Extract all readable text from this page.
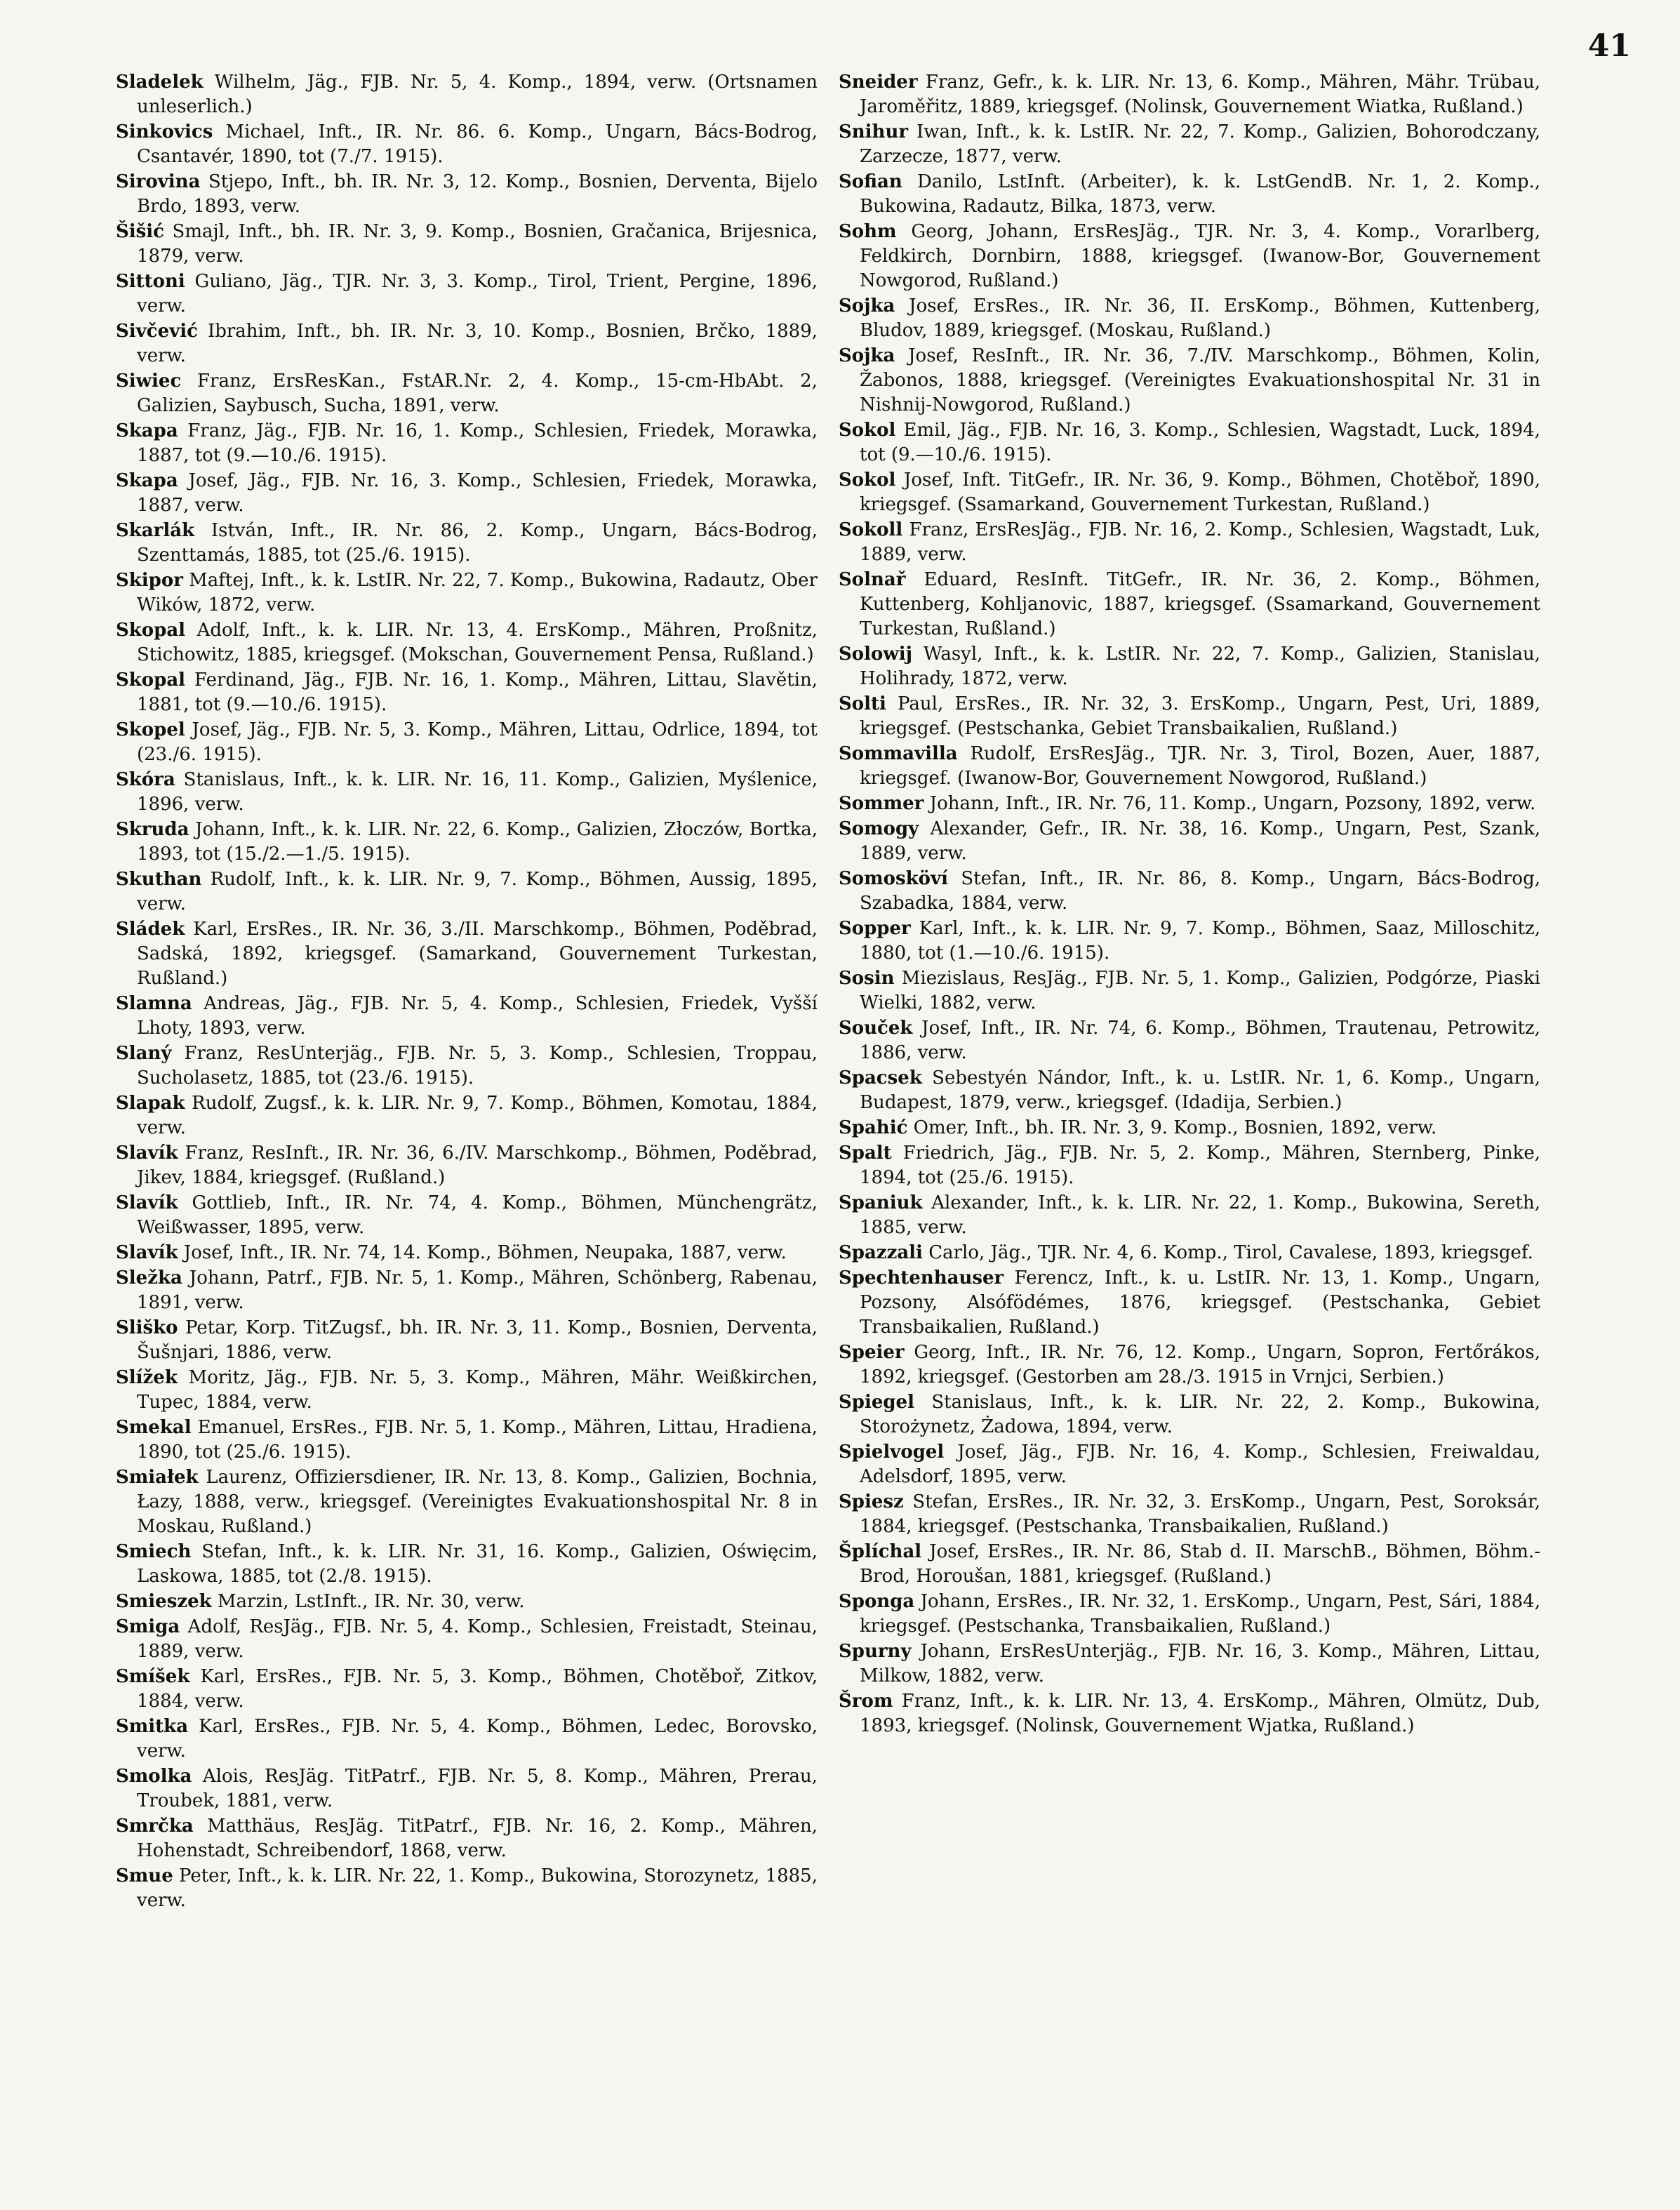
41

Sladelek Wilhelm, Jäg., FJB. Nr. 5, 4. Komp., 1894, verw. (Ortsnamen unleserlich.)

Sinkovics Michael, Inft., IR. Nr. 86. 6. Komp., Ungarn, Bács-Bodrog, Csantavér, 1890, tot (7./7. 1915).

Sirovina Stjepo, Inft., bh. IR. Nr. 3, 12. Komp., Bosnien, Derventa, Bijelo Brdo, 1893, verw.

Šišić Smajl, Inft., bh. IR. Nr. 3, 9. Komp., Bosnien, Gračanica, Brijesnica, 1879, verw.

Sittoni Guliano, Jäg., TJR. Nr. 3, 3. Komp., Tirol, Trient, Pergine, 1896, verw.

Sivčević Ibrahim, Inft., bh. IR. Nr. 3, 10. Komp., Bosnien, Brčko, 1889, verw.

Siwiec Franz, ErsResKan., FstAR.Nr. 2, 4. Komp., 15-cm-HbAbt. 2, Galizien, Saybusch, Sucha, 1891, verw.

Skapa Franz, Jäg., FJB. Nr. 16, 1. Komp., Schlesien, Friedek, Morawka, 1887, tot (9.—10./6. 1915).

Skapa Josef, Jäg., FJB. Nr. 16, 3. Komp., Schlesien, Friedek, Morawka, 1887, verw.

Skarlák István, Inft., IR. Nr. 86, 2. Komp., Ungarn, Bács-Bodrog, Szenttamás, 1885, tot (25./6. 1915).

Skipor Maftej, Inft., k. k. LstIR. Nr. 22, 7. Komp., Bukowina, Radautz, Ober Wików, 1872, verw.

Skopal Adolf, Inft., k. k. LIR. Nr. 13, 4. ErsKomp., Mähren, Proßnitz, Stichowitz, 1885, kriegsgef. (Mokschan, Gouvernement Pensa, Rußland.)

Skopal Ferdinand, Jäg., FJB. Nr. 16, 1. Komp., Mähren, Littau, Slavětin, 1881, tot (9.—10./6. 1915).

Skopel Josef, Jäg., FJB. Nr. 5, 3. Komp., Mähren, Littau, Odrlice, 1894, tot (23./6. 1915).

Skóra Stanislaus, Inft., k. k. LIR. Nr. 16, 11. Komp., Galizien, Myślenice, 1896, verw.

Skruda Johann, Inft., k. k. LIR. Nr. 22, 6. Komp., Galizien, Złoczów, Bortka, 1893, tot (15./2.—1./5. 1915).

Skuthan Rudolf, Inft., k. k. LIR. Nr. 9, 7. Komp., Böhmen, Aussig, 1895, verw.

Sládek Karl, ErsRes., IR. Nr. 36, 3./II. Marschkomp., Böhmen, Poděbrad, Sadská, 1892, kriegsgef. (Samarkand, Gouvernement Turkestan, Rußland.)

Slamna Andreas, Jäg., FJB. Nr. 5, 4. Komp., Schlesien, Friedek, Vyšší Lhoty, 1893, verw.

Slaný Franz, ResUnterjäg., FJB. Nr. 5, 3. Komp., Schlesien, Troppau, Sucholasetz, 1885, tot (23./6. 1915).

Slapak Rudolf, Zugsf., k. k. LIR. Nr. 9, 7. Komp., Böhmen, Komotau, 1884, verw.

Slavík Franz, ResInft., IR. Nr. 36, 6./IV. Marschkomp., Böhmen, Poděbrad, Jikev, 1884, kriegsgef. (Rußland.)

Slavík Gottlieb, Inft., IR. Nr. 74, 4. Komp., Böhmen, Münchengrätz, Weißwasser, 1895, verw.

Slavík Josef, Inft., IR. Nr. 74, 14. Komp., Böhmen, Neupaka, 1887, verw.

Sležka Johann, Patrf., FJB. Nr. 5, 1. Komp., Mähren, Schönberg, Rabenau, 1891, verw.

Sliško Petar, Korp. TitZugsf., bh. IR. Nr. 3, 11. Komp., Bosnien, Derventa, Šušnjari, 1886, verw.

Slížek Moritz, Jäg., FJB. Nr. 5, 3. Komp., Mähren, Mähr. Weißkirchen, Tupec, 1884, verw.

Smekal Emanuel, ErsRes., FJB. Nr. 5, 1. Komp., Mähren, Littau, Hradiena, 1890, tot (25./6. 1915).

Smiałek Laurenz, Offiziersdiener, IR. Nr. 13, 8. Komp., Galizien, Bochnia, Łazy, 1888, verw., kriegsgef. (Vereinigtes Evakuationshospital Nr. 8 in Moskau, Rußland.)

Smiech Stefan, Inft., k. k. LIR. Nr. 31, 16. Komp., Galizien, Oświęcim, Laskowa, 1885, tot (2./8. 1915).

Smieszek Marzin, LstInft., IR. Nr. 30, verw.

Smiga Adolf, ResJäg., FJB. Nr. 5, 4. Komp., Schlesien, Freistadt, Steinau, 1889, verw.

Smíšek Karl, ErsRes., FJB. Nr. 5, 3. Komp., Böhmen, Chotěboř, Zitkov, 1884, verw.

Smitka Karl, ErsRes., FJB. Nr. 5, 4. Komp., Böhmen, Ledec, Borovsko, verw.

Smolka Alois, ResJäg. TitPatrf., FJB. Nr. 5, 8. Komp., Mähren, Prerau, Troubek, 1881, verw.

Smrčka Matthäus, ResJäg. TitPatrf., FJB. Nr. 16, 2. Komp., Mähren, Hohenstadt, Schreibendorf, 1868, verw.

Smue Peter, Inft., k. k. LIR. Nr. 22, 1. Komp., Bukowina, Storozynetz, 1885, verw.

Sneider Franz, Gefr., k. k. LIR. Nr. 13, 6. Komp., Mähren, Mähr. Trübau, Jaroměřitz, 1889, kriegsgef. (Nolinsk, Gouvernement Wiatka, Rußland.)

Snihur Iwan, Inft., k. k. LstIR. Nr. 22, 7. Komp., Galizien, Bohorodczany, Zarzecze, 1877, verw.

Sofian Danilo, LstInft. (Arbeiter), k. k. LstGendB. Nr. 1, 2. Komp., Bukowina, Radautz, Bilka, 1873, verw.

Sohm Georg, Johann, ErsResJäg., TJR. Nr. 3, 4. Komp., Vorarlberg, Feldkirch, Dornbirn, 1888, kriegsgef. (Iwanow-Bor, Gouvernement Nowgorod, Rußland.)

Sojka Josef, ErsRes., IR. Nr. 36, II. ErsKomp., Böhmen, Kuttenberg, Bludov, 1889, kriegsgef. (Moskau, Rußland.)

Sojka Josef, ResInft., IR. Nr. 36, 7./IV. Marschkomp., Böhmen, Kolin, Žabonos, 1888, kriegsgef. (Vereinigtes Evakuationshospital Nr. 31 in Nishnij-Nowgorod, Rußland.)

Sokol Emil, Jäg., FJB. Nr. 16, 3. Komp., Schlesien, Wagstadt, Luck, 1894, tot (9.—10./6. 1915).

Sokol Josef, Inft. TitGefr., IR. Nr. 36, 9. Komp., Böhmen, Chotěboř, 1890, kriegsgef. (Ssamarkand, Gouvernement Turkestan, Rußland.)

Sokoll Franz, ErsResJäg., FJB. Nr. 16, 2. Komp., Schlesien, Wagstadt, Luk, 1889, verw.

Solnař Eduard, ResInft. TitGefr., IR. Nr. 36, 2. Komp., Böhmen, Kuttenberg, Kohljanovic, 1887, kriegsgef. (Ssamarkand, Gouvernement Turkestan, Rußland.)

Solowij Wasyl, Inft., k. k. LstIR. Nr. 22, 7. Komp., Galizien, Stanislau, Holihrady, 1872, verw.

Solti Paul, ErsRes., IR. Nr. 32, 3. ErsKomp., Ungarn, Pest, Uri, 1889, kriegsgef. (Pestschanka, Gebiet Transbaikalien, Rußland.)

Sommavilla Rudolf, ErsResJäg., TJR. Nr. 3, Tirol, Bozen, Auer, 1887, kriegsgef. (Iwanow-Bor, Gouvernement Nowgorod, Rußland.)

Sommer Johann, Inft., IR. Nr. 76, 11. Komp., Ungarn, Pozsony, 1892, verw.

Somogy Alexander, Gefr., IR. Nr. 38, 16. Komp., Ungarn, Pest, Szank, 1889, verw.

Somosköví Stefan, Inft., IR. Nr. 86, 8. Komp., Ungarn, Bács-Bodrog, Szabadka, 1884, verw.

Sopper Karl, Inft., k. k. LIR. Nr. 9, 7. Komp., Böhmen, Saaz, Milloschitz, 1880, tot (1.—10./6. 1915).

Sosin Miezislaus, ResJäg., FJB. Nr. 5, 1. Komp., Galizien, Podgórze, Piaski Wielki, 1882, verw.

Souček Josef, Inft., IR. Nr. 74, 6. Komp., Böhmen, Trautenau, Petrowitz, 1886, verw.

Spacsek Sebestyén Nándor, Inft., k. u. LstIR. Nr. 1, 6. Komp., Ungarn, Budapest, 1879, verw., kriegsgef. (Idadija, Serbien.)

Spahić Omer, Inft., bh. IR. Nr. 3, 9. Komp., Bosnien, 1892, verw.

Spalt Friedrich, Jäg., FJB. Nr. 5, 2. Komp., Mähren, Sternberg, Pinke, 1894, tot (25./6. 1915).

Spaniuk Alexander, Inft., k. k. LIR. Nr. 22, 1. Komp., Bukowina, Sereth, 1885, verw.

Spazzali Carlo, Jäg., TJR. Nr. 4, 6. Komp., Tirol, Cavalese, 1893, kriegsgef.

Spechtenhauser Ferencz, Inft., k. u. LstIR. Nr. 13, 1. Komp., Ungarn, Pozsony, Alsófödémes, 1876, kriegsgef. (Pestschanka, Gebiet Transbaikalien, Rußland.)

Speier Georg, Inft., IR. Nr. 76, 12. Komp., Ungarn, Sopron, Fertőrákos, 1892, kriegsgef. (Gestorben am 28./3. 1915 in Vrnjci, Serbien.)

Spiegel Stanislaus, Inft., k. k. LIR. Nr. 22, 2. Komp., Bukowina, Storożynetz, Żadowa, 1894, verw.

Spielvogel Josef, Jäg., FJB. Nr. 16, 4. Komp., Schlesien, Freiwaldau, Adelsdorf, 1895, verw.

Spiesz Stefan, ErsRes., IR. Nr. 32, 3. ErsKomp., Ungarn, Pest, Soroksár, 1884, kriegsgef. (Pestschanka, Transbaikalien, Rußland.)

Šplíchal Josef, ErsRes., IR. Nr. 86, Stab d. II. MarschB., Böhmen, Böhm.-Brod, Horoušan, 1881, kriegsgef. (Rußland.)

Sponga Johann, ErsRes., IR. Nr. 32, 1. ErsKomp., Ungarn, Pest, Sári, 1884, kriegsgef. (Pestschanka, Transbaikalien, Rußland.)

Spurny Johann, ErsResUnterjäg., FJB. Nr. 16, 3. Komp., Mähren, Littau, Milkow, 1882, verw.

Šrom Franz, Inft., k. k. LIR. Nr. 13, 4. ErsKomp., Mähren, Olmütz, Dub, 1893, kriegsgef. (Nolinsk, Gouvernement Wjatka, Rußland.)
